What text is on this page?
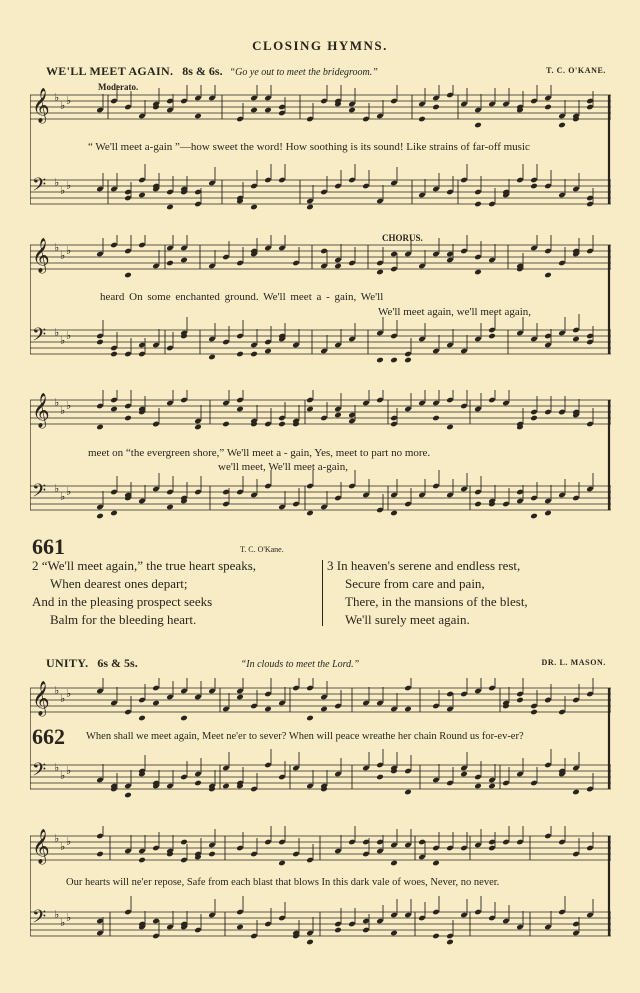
CLOSING HYMNS.
WE'LL MEET AGAIN. 8s & 6s. “Go ye out to meet the bridegroom.”	T. C. O'KANE.
Moderato.
CHORUS.
𝄞 ♭
♭ ♭
𝄢 ♭
♭ ♭
𝄞 ♭
♭ ♭
𝄢 ♭
♭ ♭
𝄞 ♭
♭ ♭
𝄢 ♭
♭ ♭
𝄞 ♭
♭ ♭
𝄢 ♭
♭ ♭
𝄞 ♭
♭ ♭
𝄢 ♭
♭ ♭
“ We'll meet a-gain ”—how sweet the word! How soothing is its sound! Like strains of far-off music
heard On some enchanted ground. We'll meet a - gain, We'll
We'll meet again, we'll meet again,
meet on “the evergreen shore,” We'll meet a - gain, Yes, meet to part no more.
we'll meet, We'll meet a-gain,
661	T. C. O'Kane.
2 “We'll meet again,” the true heart speaks,
When dearest ones depart;
And in the pleasing prospect seeks
Balm for the bleeding heart.
3 In heaven's serene and endless rest,
Secure from care and pain,
There, in the mansions of the blest,
We'll surely meet again.
UNITY. 6s & 5s.	“In clouds to meet the Lord.”	DR. L. MASON.
662 When shall we meet again, Meet ne'er to sever? When will peace wreathe her chain Round us for-ev-er?
Our hearts will ne'er repose, Safe from each blast that blows In this dark vale of woes, Never, no never.
